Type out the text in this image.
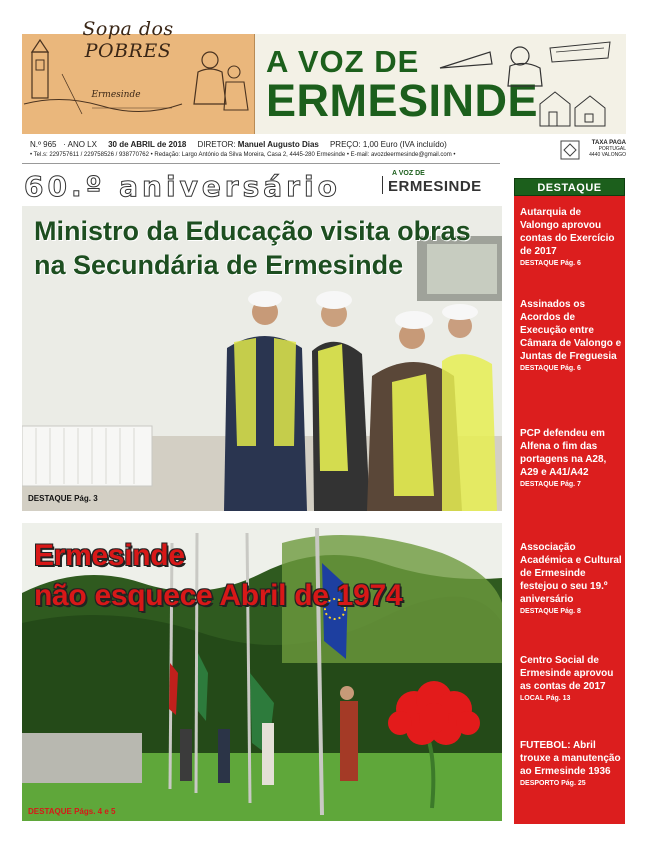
Sopa dos
POBRES
Ermesinde
A VOZ DE
ERMESINDE
N.º 965 · ANO LX 30 de ABRIL de 2018 DIRETOR: Manuel Augusto Dias PREÇO: 1,00 Euro (IVA incluído)
• Tel.s: 229757611 / 229758526 / 938770762 • Redação: Largo António da Silva Moreira, Casa 2, 4445-280 Ermesinde • E-mail: avozdeermesinde@gmail.com •
TAXA PAGA
PORTUGAL
4440 VALONGO
60.º aniversário	A VOZ DE
ERMESINDE
Ministro da Educação visita obras na Secundária de Ermesinde
DESTAQUE Pág. 3
Ermesinde
não esquece Abril de 1974
DESTAQUE Págs. 4 e 5
DESTAQUE
Autarquia de Valongo aprovou contas do Exercício de 2017
DESTAQUE Pág. 6
Assinados os Acordos de Execução entre Câmara de Valongo e Juntas de Freguesia
DESTAQUE Pág. 6
PCP defendeu em Alfena o fim das portagens na A28, A29 e A41/A42
DESTAQUE Pág. 7
Associação Académica e Cultural de Ermesinde festejou o seu 19.º aniversário
DESTAQUE Pág. 8
Centro Social de Ermesinde aprovou as contas de 2017
LOCAL Pág. 13
FUTEBOL: Abril trouxe a manutenção ao Ermesinde 1936
DESPORTO Pág. 25
